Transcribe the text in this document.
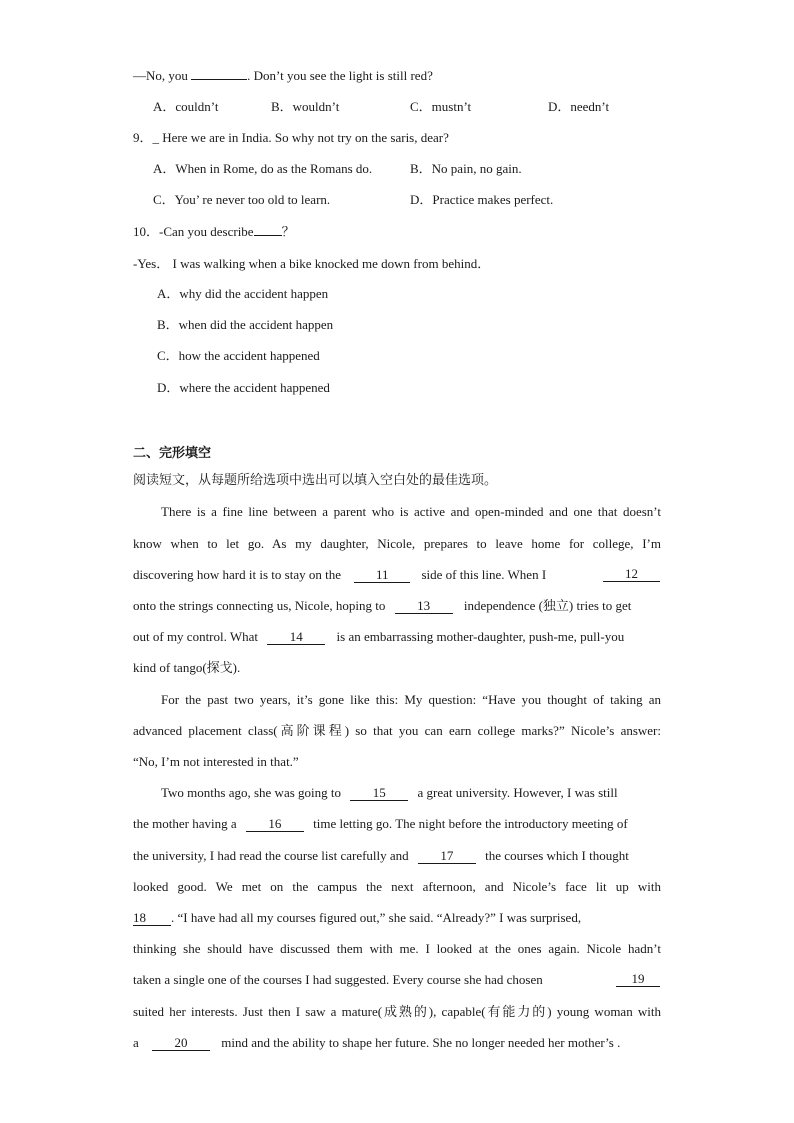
—No, you	. Don’t you see the light is still red?
A．couldn’t	B．wouldn’t	C．mustn’t	D．needn’t
9．_ Here we are in India. So why not try on the saris, dear?
A．When in Rome, do as the Romans do.	B．No pain, no gain.
C．You’ re never too old to learn.	D．Practice makes perfect.
10．-Can you describe ？
-Yes． I was walking when a bike knocked me down from behind．
A．why did the accident happen
B．when did the accident happen
C．how the accident happened
D．where the accident happened
二、完形填空
阅读短文，从每题所给选项中选出可以填入空白处的最佳选项。
There is a fine line between a parent who is active and open-minded and one that doesn’t
know when to let go. As my daughter, Nicole, prepares to leave home for college, I’m
discovering how hard it is to stay on the	11	side of this line. When I	12
onto the strings connecting us, Nicole, hoping to 13	independence (独立) tries to get
out of my control. What 14	is an embarrassing mother-daughter, push-me, pull-you
kind of tango(探戈).
For the past two years, it’s gone like this: My question: “Have you thought of taking an
advanced placement class(高阶课程) so that you can earn college marks?” Nicole’s answer:
“No, I’m not interested in that.”
Two months ago, she was going to 15 a great university. However, I was still
the mother having a 16 time letting go. The night before the introductory meeting of
the university, I had read the course list carefully and 17 the courses which I thought
looked good. We met on the campus the next afternoon, and Nicole’s face lit up with
18 . “I have had all my courses figured out,” she said. “Already?” I was surprised,
thinking she should have discussed them with me. I looked at the ones again. Nicole hadn’t
taken a single one of the courses I had suggested. Every course she had chosen	19
suited her interests. Just then I saw a mature(成熟的), capable(有能力的) young woman with
a	20	mind and the ability to shape her future. She no longer needed her mother’s .
